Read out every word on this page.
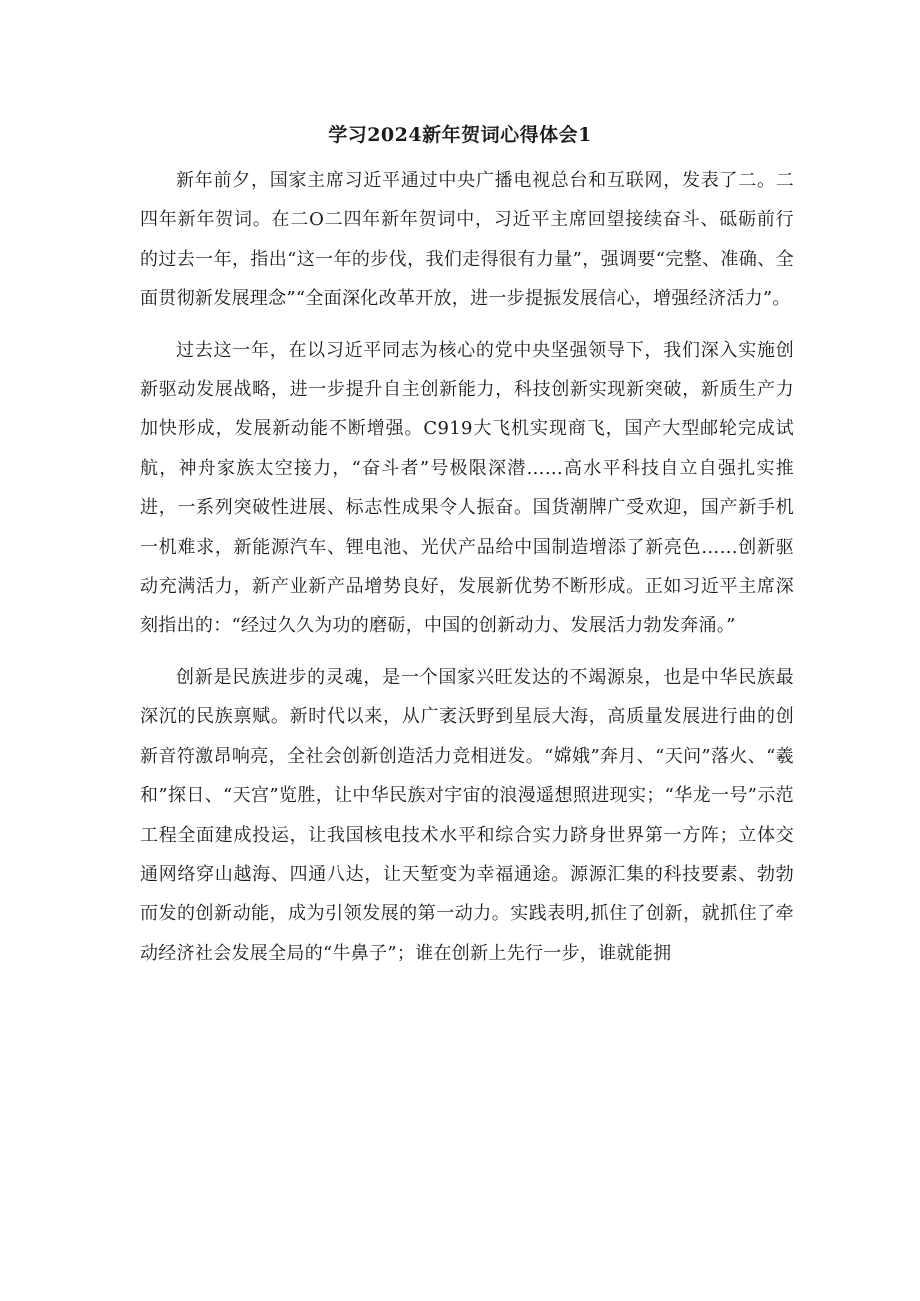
学习2024新年贺词心得体会1

新年前夕，国家主席习近平通过中央广播电视总台和互联网，发表了二。二四年新年贺词。在二O二四年新年贺词中，习近平主席回望接续奋斗、砥砺前行的过去一年，指出“这一年的步伐，我们走得很有力量”，强调要“完整、准确、全面贯彻新发展理念”“全面深化改革开放，进一步提振发展信心，增强经济活力”。

过去这一年，在以习近平同志为核心的党中央坚强领导下，我们深入实施创新驱动发展战略，进一步提升自主创新能力，科技创新实现新突破，新质生产力加快形成，发展新动能不断增强。C919大飞机实现商飞，国产大型邮轮完成试航，神舟家族太空接力，“奋斗者”号极限深潜……高水平科技自立自强扎实推进，一系列突破性进展、标志性成果令人振奋。国货潮牌广受欢迎，国产新手机一机难求，新能源汽车、锂电池、光伏产品给中国制造增添了新亮色……创新驱动充满活力，新产业新产品增势良好，发展新优势不断形成。正如习近平主席深刻指出的：“经过久久为功的磨砺，中国的创新动力、发展活力勃发奔涌。”

创新是民族进步的灵魂，是一个国家兴旺发达的不竭源泉，也是中华民族最深沉的民族禀赋。新时代以来，从广袤沃野到星辰大海，高质量发展进行曲的创新音符激昂响亮，全社会创新创造活力竞相迸发。“嫦娥”奔月、“天问”落火、“羲和”探日、“天宫”览胜，让中华民族对宇宙的浪漫遥想照进现实；“华龙一号”示范工程全面建成投运，让我国核电技术水平和综合实力跻身世界第一方阵；立体交通网络穿山越海、四通八达，让天堑变为幸福通途。源源汇集的科技要素、勃勃而发的创新动能，成为引领发展的第一动力。实践表明,抓住了创新，就抓住了牵动经济社会发展全局的“牛鼻子”；谁在创新上先行一步，谁就能拥
